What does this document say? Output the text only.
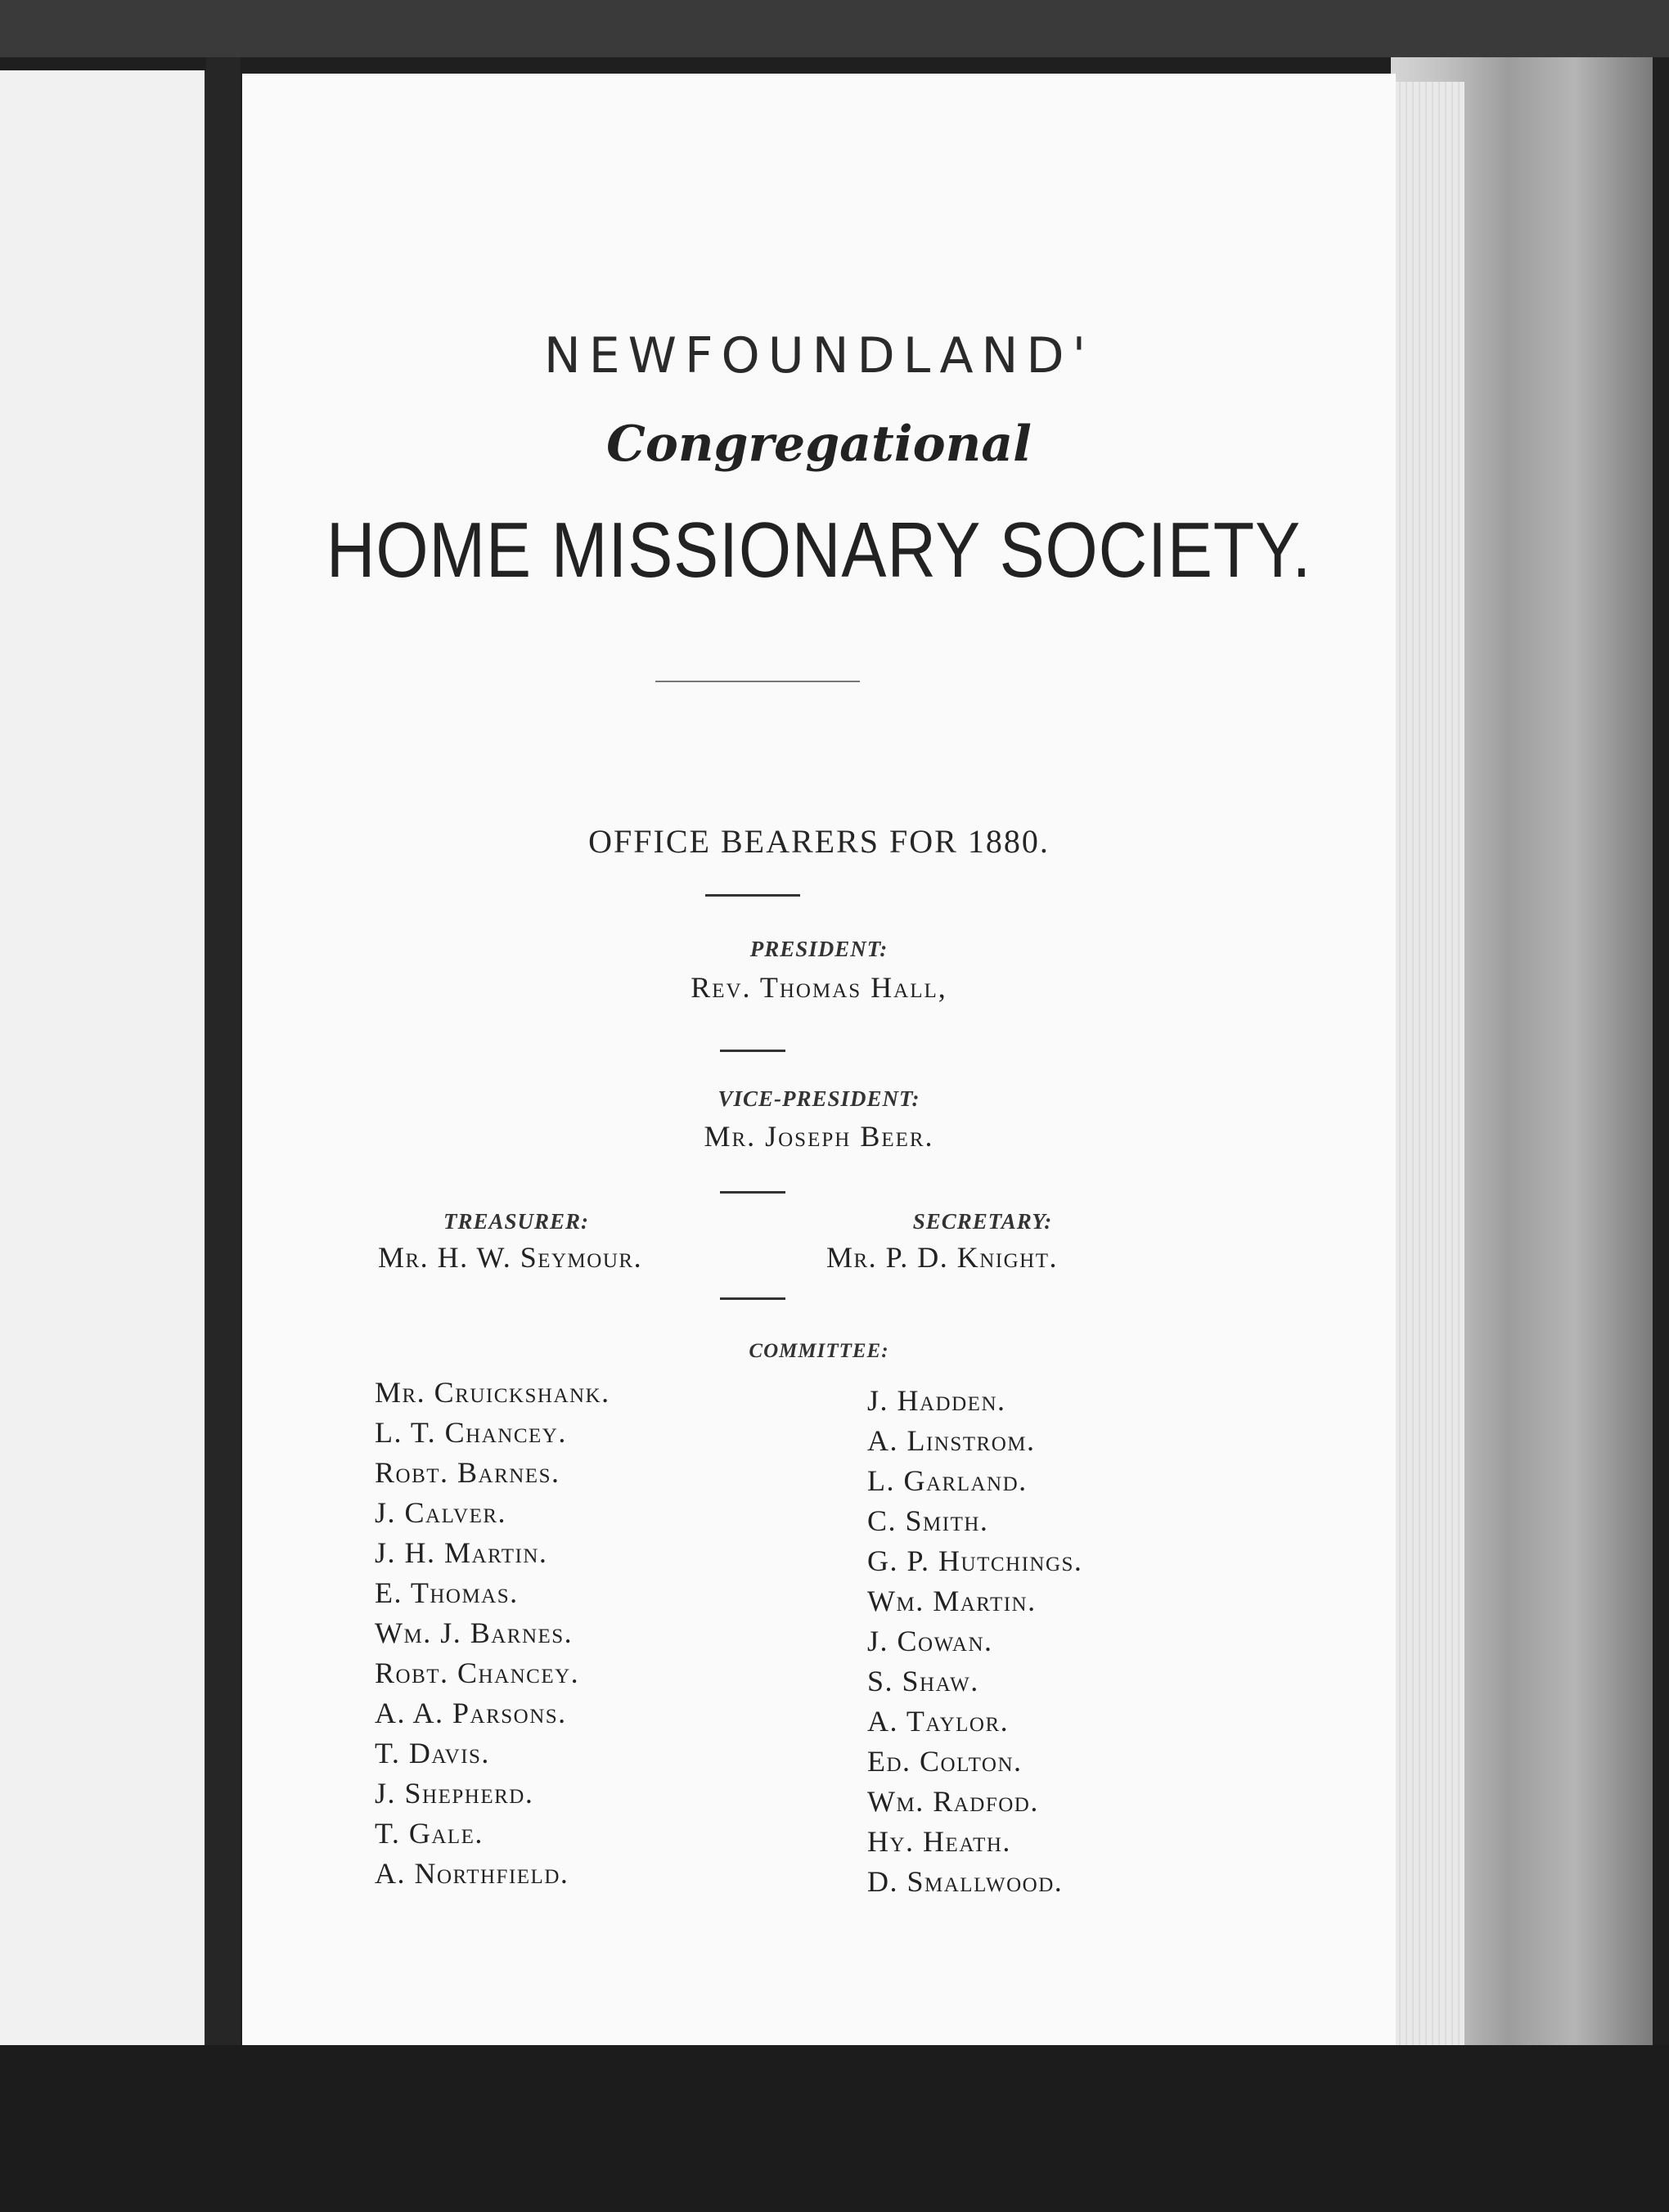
NEWFOUNDLAND'
Congregational
HOME MISSIONARY SOCIETY.
OFFICE BEARERS FOR 1880.
PRESIDENT:
Rev. Thomas Hall,
VICE-PRESIDENT:
Mr. Joseph Beer.
TREASURER:
Mr. H. W. Seymour.
SECRETARY:
Mr. P. D. Knight.
COMMITTEE:
Mr. Cruickshank.
L. T. Chancey.
Robt. Barnes.
J. Calver.
J. H. Martin.
E. Thomas.
Wm. J. Barnes.
Robt. Chancey.
A. A. Parsons.
T. Davis.
J. Shepherd.
T. Gale.
A. Northfield.
J. Hadden.
A. Linstrom.
L. Garland.
C. Smith.
G. P. Hutchings.
Wm. Martin.
J. Cowan.
S. Shaw.
A. Taylor.
Ed. Colton.
Wm. Radfod.
Hy. Heath.
D. Smallwood.
